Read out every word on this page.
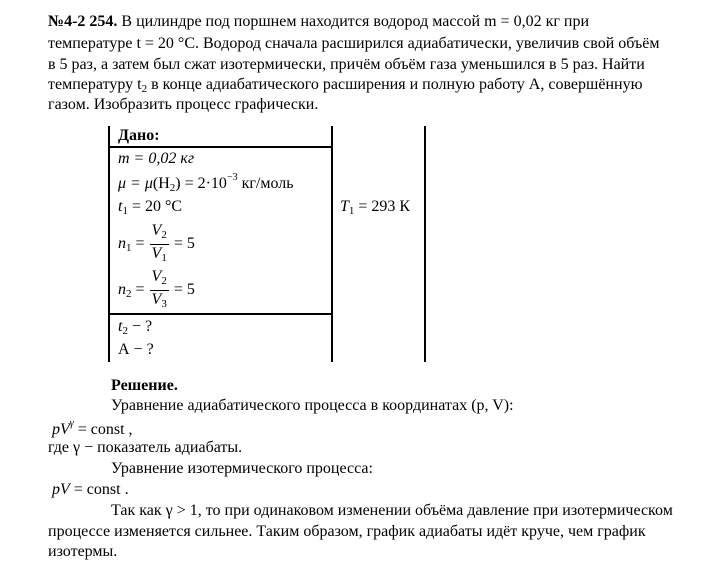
№4-2 254. В цилиндре под поршнем находится водород массой m = 0,02 кг при
температуре t = 20 °С. Водород сначала расширился адиабатически, увеличив свой объём
в 5 раз, а затем был сжат изотермически, причём объём газа уменьшился в 5 раз. Найти
температуру $t_2$ в конце адиабатического расширения и полную работу А, совершённую
газом. Изобразить процесс графически.
Дано:
m = 0,02 кг
$\mu = \mu(H_2) = 2\cdot 10^{-3}$ кг/моль
$t_1 = 20$ °C
$n_1 = \frac{V_2}{V_1} = 5$
$n_2 = \frac{V_2}{V_3} = 5$
$t_2$ − ?
А − ?
$T_1 = 293$ К
Решение.
Уравнение адиабатического процесса в координатах (p, V):
$pV^\gamma$ = const ,
где γ − показатель адиабаты.
Уравнение изотермического процесса:
pV = const .
Так как γ > 1, то при одинаковом изменении объёма давление при изотермическом
процессе изменяется сильнее. Таким образом, график адиабаты идёт круче, чем график
изотермы.
